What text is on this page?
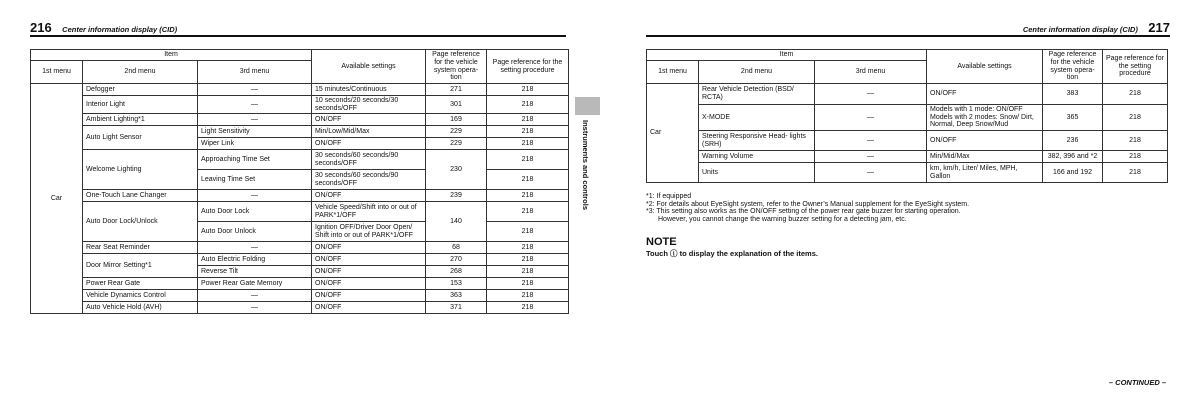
216 Center information display (CID)
Item			Available settings	Page reference for the vehicle system opera-tion	Page reference for the setting procedure
1st menu	2nd menu	3rd menu			
Car	Defogger	—	15 minutes/Continuous	271	218
	Interior Light	—	10 seconds/20 seconds/30 seconds/OFF	301	218
	Ambient Lighting*1	—	ON/OFF	169	218
	Auto Light Sensor	Light Sensitivity	Min/Low/Mid/Max	229	218
		Wiper Link	ON/OFF	229	218
	Welcome Lighting	Approaching Time Set	30 seconds/60 seconds/90 seconds/OFF	230	218
		Leaving Time Set	30 seconds/60 seconds/90 seconds/OFF		218
	One-Touch Lane Changer	—	ON/OFF	239	218
	Auto Door Lock/Unlock	Auto Door Lock	Vehicle Speed/Shift into or out of PARK*1/OFF	140	218
		Auto Door Unlock	Ignition OFF/Driver Door Open/ Shift into or out of PARK*1/OFF		218
	Rear Seat Reminder	—	ON/OFF	68	218
	Door Mirror Setting*1	Auto Electric Folding	ON/OFF	270	218
		Reverse Tilt	ON/OFF	268	218
	Power Rear Gate	Power Rear Gate Memory	ON/OFF	153	218
	Vehicle Dynamics Control	—	ON/OFF	363	218
	Auto Vehicle Hold (AVH)	—	ON/OFF	371	218
Center information display (CID) 217
Item			Available settings	Page reference for the vehicle system opera-tion	Page reference for the setting procedure
1st menu	2nd menu	3rd menu			
Car	Rear Vehicle Detection (BSD/ RCTA)	—	ON/OFF	383	218
	X-MODE	—	Models with 1 mode: ON/OFF Models with 2 modes: Snow/ Dirt, Normal, Deep Snow/Mud	365	218
	Steering Responsive Head- lights (SRH)	—	ON/OFF	236	218
	Warning Volume	—	Min/Mid/Max	382, 396 and *2	218
	Units	—	km, km/h, Liter/ Miles, MPH, Gallon	166 and 192	218
*1: If equipped
*2: For details about EyeSight system, refer to the Owner’s Manual supplement for the EyeSight system.
*3: This setting also works as the ON/OFF setting of the power rear gate buzzer for starting operation.
However, you cannot change the warning buzzer setting for a detecting jam, etc.
NOTE
Touch ⓘ to display the explanation of the items.
– CONTINUED –
Instruments and controls
